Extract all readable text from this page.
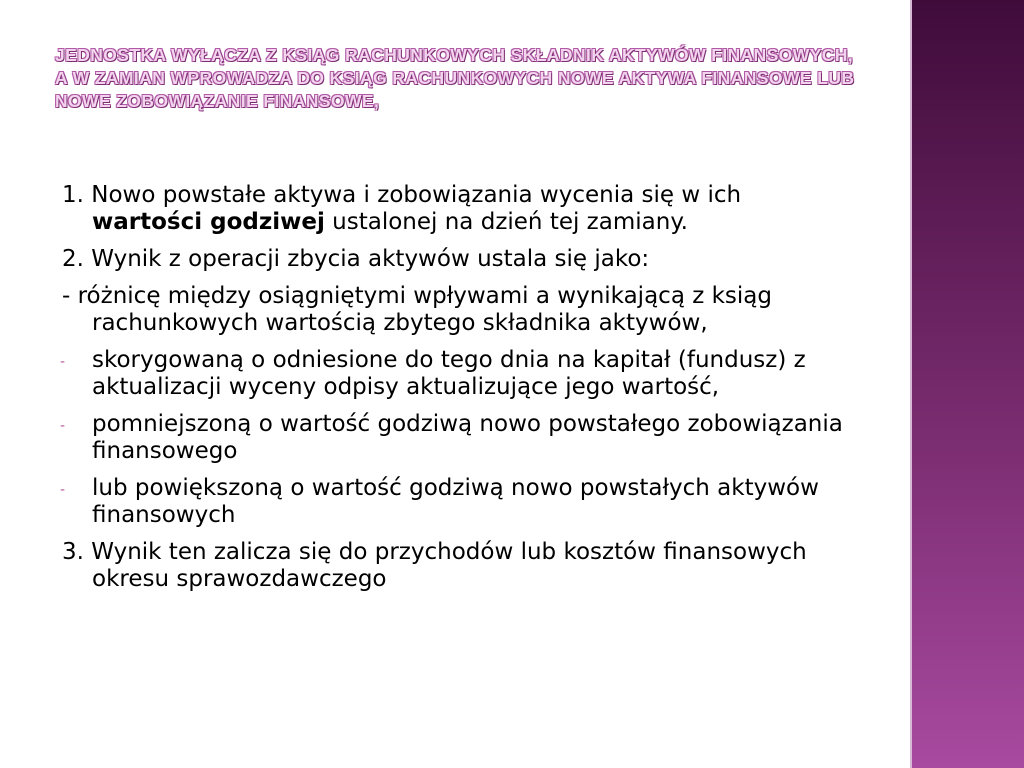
JEDNOSTKA WYŁĄCZA Z KSIĄG RACHUNKOWYCH SKŁADNIK AKTYWÓW FINANSOWYCH,
A W ZAMIAN WPROWADZA DO KSIĄG RACHUNKOWYCH NOWE AKTYWA FINANSOWE LUB
NOWE ZOBOWIĄZANIE FINANSOWE,
1. Nowo powstałe aktywa i zobowiązania wycenia się w ich wartości godziwej ustalonej na dzień tej zamiany.
2. Wynik z operacji zbycia aktywów ustala się jako:
- różnicę między osiągniętymi wpływami a wynikającą z ksiąg rachunkowych wartością zbytego składnika aktywów,
- skorygowaną o odniesione do tego dnia na kapitał (fundusz) z aktualizacji wyceny odpisy aktualizujące jego wartość,
- pomniejszoną o wartość godziwą nowo powstałego zobowiązania finansowego
- lub powiększoną o wartość godziwą nowo powstałych aktywów finansowych
3. Wynik ten zalicza się do przychodów lub kosztów finansowych okresu sprawozdawczego
